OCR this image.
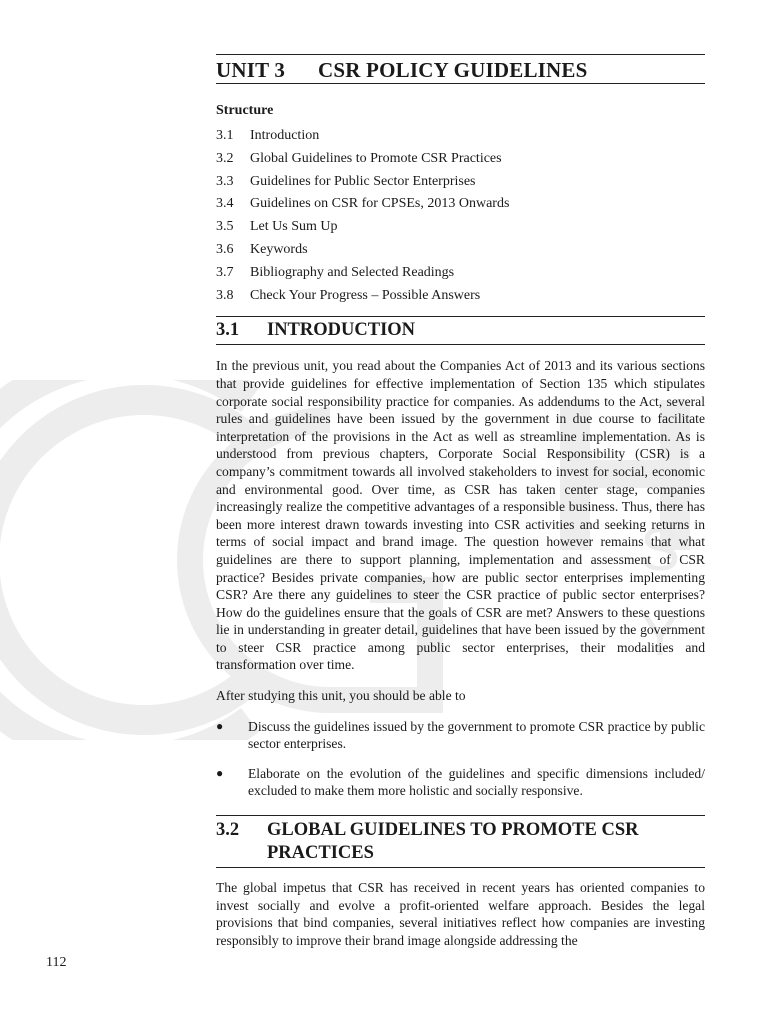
S
Y
UNIT 3	CSR POLICY GUIDELINES
Structure
3.1	Introduction
3.2	Global Guidelines to Promote CSR Practices
3.3	Guidelines for Public Sector Enterprises
3.4	Guidelines on CSR for CPSEs, 2013 Onwards
3.5	Let Us Sum Up
3.6	Keywords
3.7	Bibliography and Selected Readings
3.8	Check Your Progress – Possible Answers
3.1	INTRODUCTION

In the previous unit, you read about the Companies Act of 2013 and its various sections that provide guidelines for effective implementation of Section 135 which stipulates corporate social responsibility practice for companies. As addendums to the Act, several rules and guidelines have been issued by the government in due course to facilitate interpretation of the provisions in the Act as well as streamline implementation. As is understood from previous chapters, Corporate Social Responsibility (CSR) is a company’s commitment towards all involved stakeholders to invest for social, economic and environmental good. Over time, as CSR has taken center stage, companies increasingly realize the competitive advantages of a responsible business. Thus, there has been more interest drawn towards investing into CSR activities and seeking returns in terms of social impact and brand image. The question however remains that what guidelines are there to support planning, implementation and assessment of CSR practice? Besides private companies, how are public sector enterprises implementing CSR? Are there any guidelines to steer the CSR practice of public sector enterprises? How do the guidelines ensure that the goals of CSR are met? Answers to these questions lie in understanding in greater detail, guidelines that have been issued by the government to steer CSR practice among public sector enterprises, their modalities and transformation over time.

After studying this unit, you should be able to

●	Discuss the guidelines issued by the government to promote CSR practice by public sector enterprises.
●	Elaborate on the evolution of the guidelines and specific dimensions included/ excluded to make them more holistic and socially responsive.
3.2	GLOBAL GUIDELINES TO PROMOTE CSR
PRACTICES

The global impetus that CSR has received in recent years has oriented companies to invest socially and evolve a profit-oriented welfare approach. Besides the legal provisions that bind companies, several initiatives reflect how companies are investing responsibly to improve their brand image alongside addressing the

112
